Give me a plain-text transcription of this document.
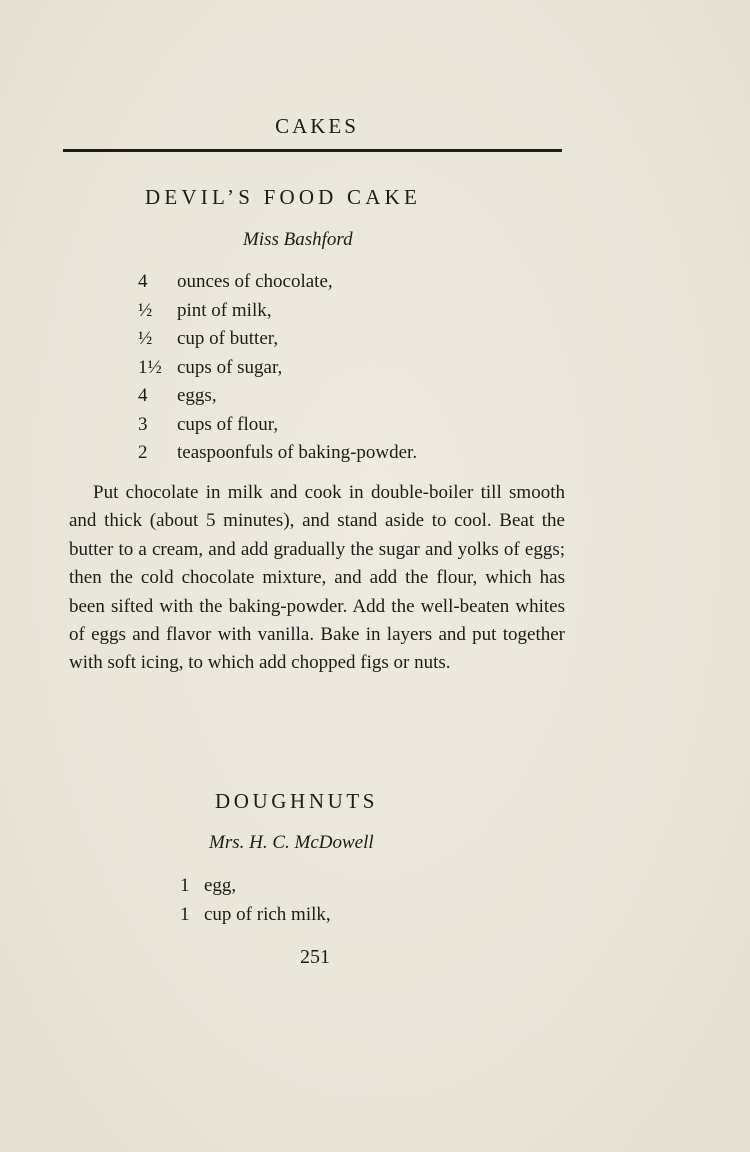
CAKES
DEVIL’S FOOD CAKE
Miss Bashford
4	ounces of chocolate,
½	pint of milk,
½	cup of butter,
1½ cups of sugar,
4	eggs,
3	cups of flour,
2	teaspoonfuls of baking-powder.

Put chocolate in milk and cook in double-boiler till smooth and thick (about 5 minutes), and stand aside to cool. Beat the butter to a cream, and add gradually the sugar and yolks of eggs; then the cold chocolate mixture, and add the flour, which has been sifted with the baking-powder. Add the well-beaten whites of eggs and flavor with vanilla. Bake in layers and put together with soft icing, to which add chopped figs or nuts.

DOUGHNUTS
Mrs. H. C. McDowell
1 egg,
1 cup of rich milk,
251
